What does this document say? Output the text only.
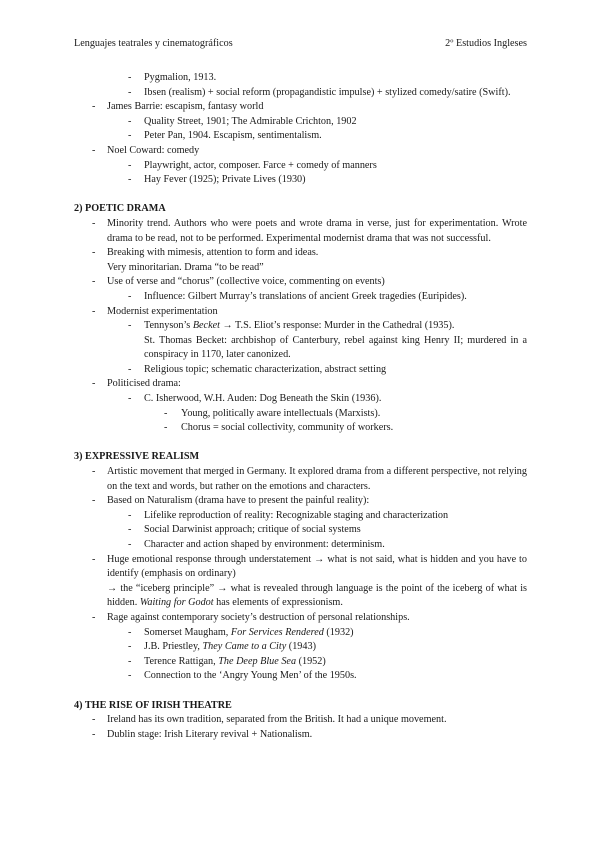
Lenguajes teatrales y cinematográficos	2º Estudios Ingleses
-	Pygmalion, 1913.
-	Ibsen (realism) + social reform (propagandistic impulse) + stylized comedy/satire (Swift).
-	James Barrie: escapism, fantasy world
-	Quality Street, 1901; The Admirable Crichton, 1902
-	Peter Pan, 1904. Escapism, sentimentalism.
-	Noel Coward: comedy
-	Playwright, actor, composer. Farce + comedy of manners
-	Hay Fever (1925); Private Lives (1930)
2) POETIC DRAMA
-	Minority trend. Authors who were poets and wrote drama in verse, just for experimentation. Wrote drama to be read, not to be performed. Experimental modernist drama that was not successful.
-	Breaking with mimesis, attention to form and ideas.
Very minoritarian. Drama “to be read”
-	Use of verse and “chorus” (collective voice, commenting on events)
-	Influence: Gilbert Murray’s translations of ancient Greek tragedies (Euripides).
-	Modernist experimentation
-	Tennyson’s Becket → T.S. Eliot’s response: Murder in the Cathedral (1935).
St. Thomas Becket: archbishop of Canterbury, rebel against king Henry II; murdered in a conspiracy in 1170, later canonized.
-	Religious topic; schematic characterization, abstract setting
-	Politicised drama:
-	C. Isherwood, W.H. Auden: Dog Beneath the Skin (1936).
-	Young, politically aware intellectuals (Marxists).
-	Chorus = social collectivity, community of workers.
3) EXPRESSIVE REALISM
-	Artistic movement that merged in Germany. It explored drama from a different perspective, not relying on the text and words, but rather on the emotions and characters.
-	Based on Naturalism (drama have to present the painful reality):
-	Lifelike reproduction of reality: Recognizable staging and characterization
-	Social Darwinist approach; critique of social systems
-	Character and action shaped by environment: determinism.
-	Huge emotional response through understatement → what is not said, what is hidden and you have to identify (emphasis on ordinary)
→ the “iceberg principle” → what is revealed through language is the point of the iceberg of what is hidden. Waiting for Godot has elements of expressionism.
-	Rage against contemporary society’s destruction of personal relationships.
-	Somerset Maugham, For Services Rendered (1932)
-	J.B. Priestley, They Came to a City (1943)
-	Terence Rattigan, The Deep Blue Sea (1952)
-	Connection to the ‘Angry Young Men’ of the 1950s.
4) THE RISE OF IRISH THEATRE
-	Ireland has its own tradition, separated from the British. It had a unique movement.
-	Dublin stage: Irish Literary revival + Nationalism.
